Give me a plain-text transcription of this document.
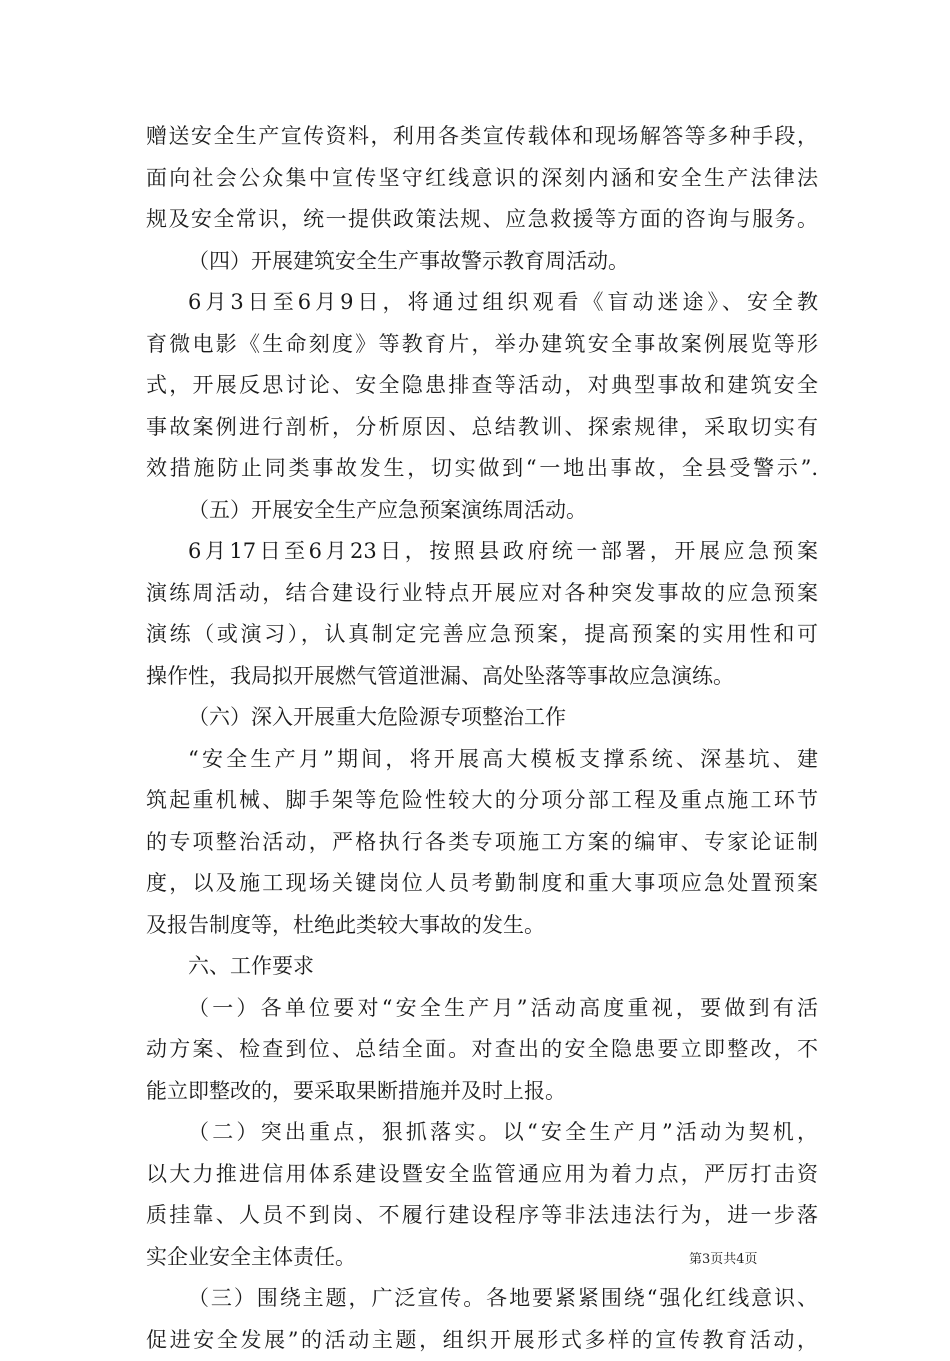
赠送安全生产宣传资料，利用各类宣传载体和现场解答等多种手段，
面向社会公众集中宣传坚守红线意识的深刻内涵和安全生产法律法
规及安全常识，统一提供政策法规、应急救援等方面的咨询与服务。
（四）开展建筑安全生产事故警示教育周活动。
6月3日至6月9日，将通过组织观看《盲动迷途》、安全教
育微电影《生命刻度》等教育片，举办建筑安全事故案例展览等形
式，开展反思讨论、安全隐患排查等活动，对典型事故和建筑安全
事故案例进行剖析，分析原因、总结教训、探索规律，采取切实有
效措施防止同类事故发生，切实做到“一地出事故，全县受警示”.
（五）开展安全生产应急预案演练周活动。
6月17日至6月23日，按照县政府统一部署，开展应急预案
演练周活动，结合建设行业特点开展应对各种突发事故的应急预案
演练（或演习），认真制定完善应急预案，提高预案的实用性和可
操作性，我局拟开展燃气管道泄漏、高处坠落等事故应急演练。
（六）深入开展重大危险源专项整治工作
“安全生产月”期间，将开展高大模板支撑系统、深基坑、建
筑起重机械、脚手架等危险性较大的分项分部工程及重点施工环节
的专项整治活动，严格执行各类专项施工方案的编审、专家论证制
度，以及施工现场关键岗位人员考勤制度和重大事项应急处置预案
及报告制度等，杜绝此类较大事故的发生。
六、工作要求
（一）各单位要对“安全生产月”活动高度重视，要做到有活
动方案、检查到位、总结全面。对查出的安全隐患要立即整改，不
能立即整改的，要采取果断措施并及时上报。
（二）突出重点，狠抓落实。以“安全生产月”活动为契机，
以大力推进信用体系建设暨安全监管通应用为着力点，严厉打击资
质挂靠、人员不到岗、不履行建设程序等非法违法行为，进一步落
实企业安全主体责任。
（三）围绕主题，广泛宣传。各地要紧紧围绕“强化红线意识、
促进安全发展”的活动主题，组织开展形式多样的宣传教育活动，
第3页共4页
